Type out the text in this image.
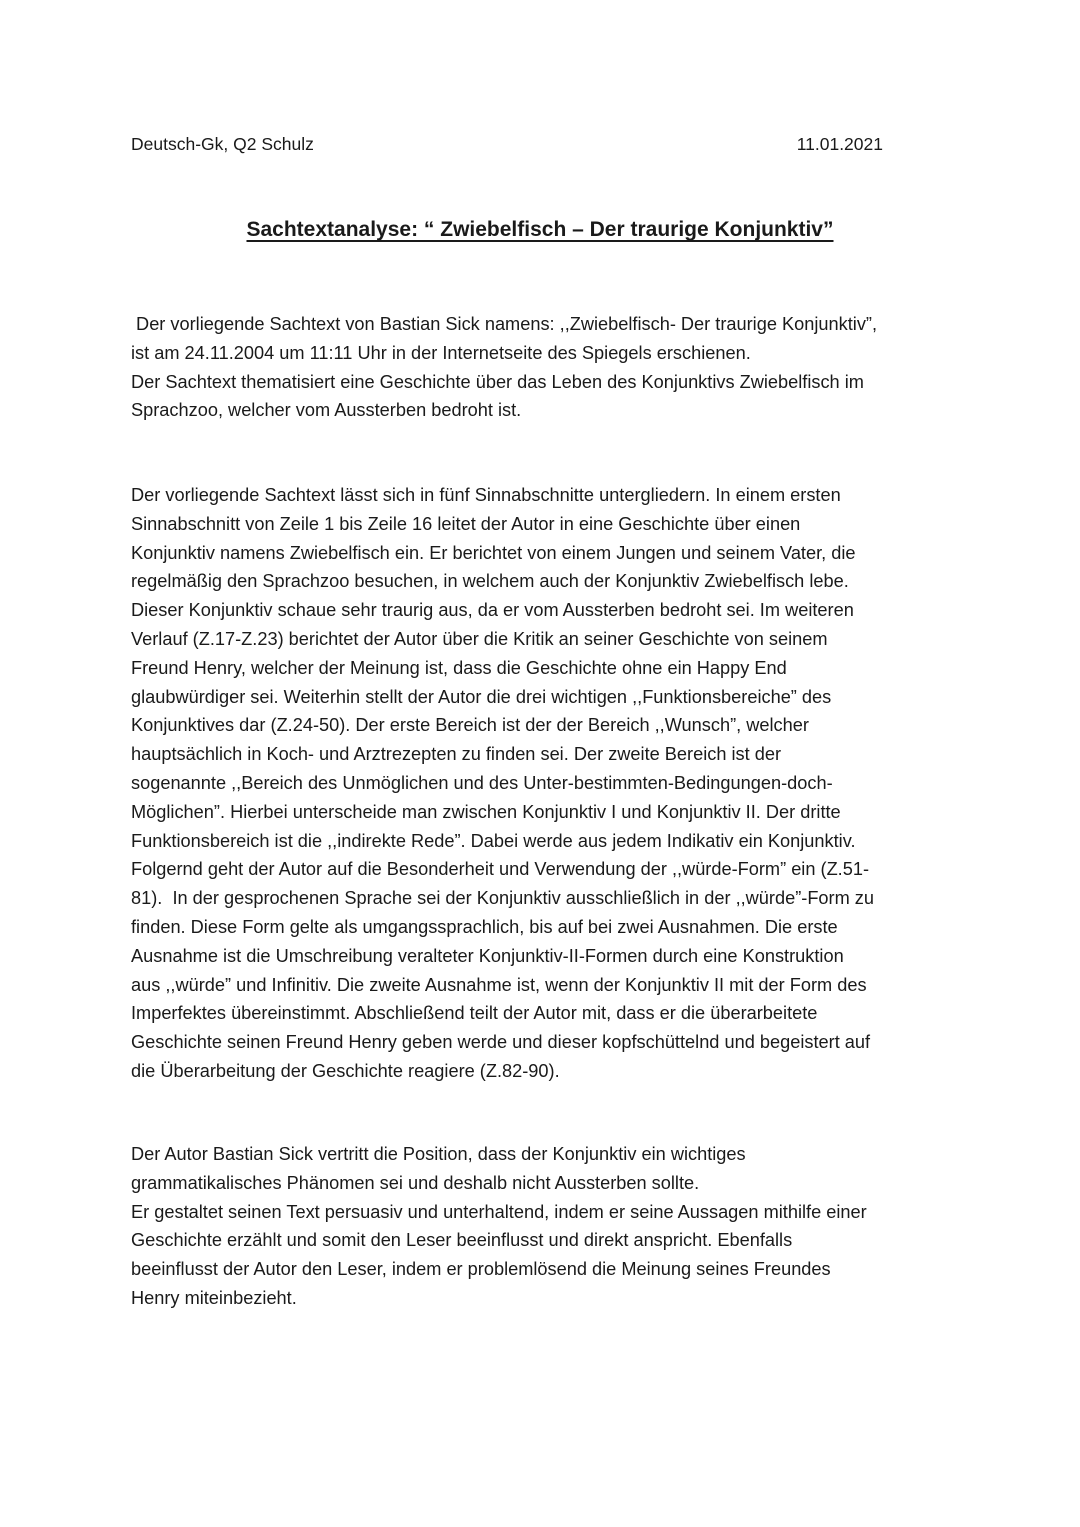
Deutsch-Gk, Q2 Schulz	11.01.2021
Sachtextanalyse: “ Zwiebelfisch – Der traurige Konjunktiv”

Der vorliegende Sachtext von Bastian Sick namens: ,,Zwiebelfisch- Der traurige Konjunktiv”,
ist am 24.11.2004 um 11:11 Uhr in der Internetseite des Spiegels erschienen.
Der Sachtext thematisiert eine Geschichte über das Leben des Konjunktivs Zwiebelfisch im
Sprachzoo, welcher vom Aussterben bedroht ist.

Der vorliegende Sachtext lässt sich in fünf Sinnabschnitte untergliedern. In einem ersten
Sinnabschnitt von Zeile 1 bis Zeile 16 leitet der Autor in eine Geschichte über einen
Konjunktiv namens Zwiebelfisch ein. Er berichtet von einem Jungen und seinem Vater, die
regelmäßig den Sprachzoo besuchen, in welchem auch der Konjunktiv Zwiebelfisch lebe.
Dieser Konjunktiv schaue sehr traurig aus, da er vom Aussterben bedroht sei. Im weiteren
Verlauf (Z.17-Z.23) berichtet der Autor über die Kritik an seiner Geschichte von seinem
Freund Henry, welcher der Meinung ist, dass die Geschichte ohne ein Happy End
glaubwürdiger sei. Weiterhin stellt der Autor die drei wichtigen ,,Funktionsbereiche” des
Konjunktives dar (Z.24-50). Der erste Bereich ist der der Bereich ,,Wunsch”, welcher
hauptsächlich in Koch- und Arztrezepten zu finden sei. Der zweite Bereich ist der
sogenannte ,,Bereich des Unmöglichen und des Unter-bestimmten-Bedingungen-doch-
Möglichen”. Hierbei unterscheide man zwischen Konjunktiv I und Konjunktiv II. Der dritte
Funktionsbereich ist die ,,indirekte Rede”. Dabei werde aus jedem Indikativ ein Konjunktiv.
Folgernd geht der Autor auf die Besonderheit und Verwendung der ,,würde-Form” ein (Z.51-
81).  In der gesprochenen Sprache sei der Konjunktiv ausschließlich in der ,,würde”-Form zu
finden. Diese Form gelte als umgangssprachlich, bis auf bei zwei Ausnahmen. Die erste
Ausnahme ist die Umschreibung veralteter Konjunktiv-II-Formen durch eine Konstruktion
aus ,,würde” und Infinitiv. Die zweite Ausnahme ist, wenn der Konjunktiv II mit der Form des
Imperfektes übereinstimmt. Abschließend teilt der Autor mit, dass er die überarbeitete
Geschichte seinen Freund Henry geben werde und dieser kopfschüttelnd und begeistert auf
die Überarbeitung der Geschichte reagiere (Z.82-90).

Der Autor Bastian Sick vertritt die Position, dass der Konjunktiv ein wichtiges
grammatikalisches Phänomen sei und deshalb nicht Aussterben sollte.
Er gestaltet seinen Text persuasiv und unterhaltend, indem er seine Aussagen mithilfe einer
Geschichte erzählt und somit den Leser beeinflusst und direkt anspricht. Ebenfalls
beeinflusst der Autor den Leser, indem er problemlösend die Meinung seines Freundes
Henry miteinbezieht.
